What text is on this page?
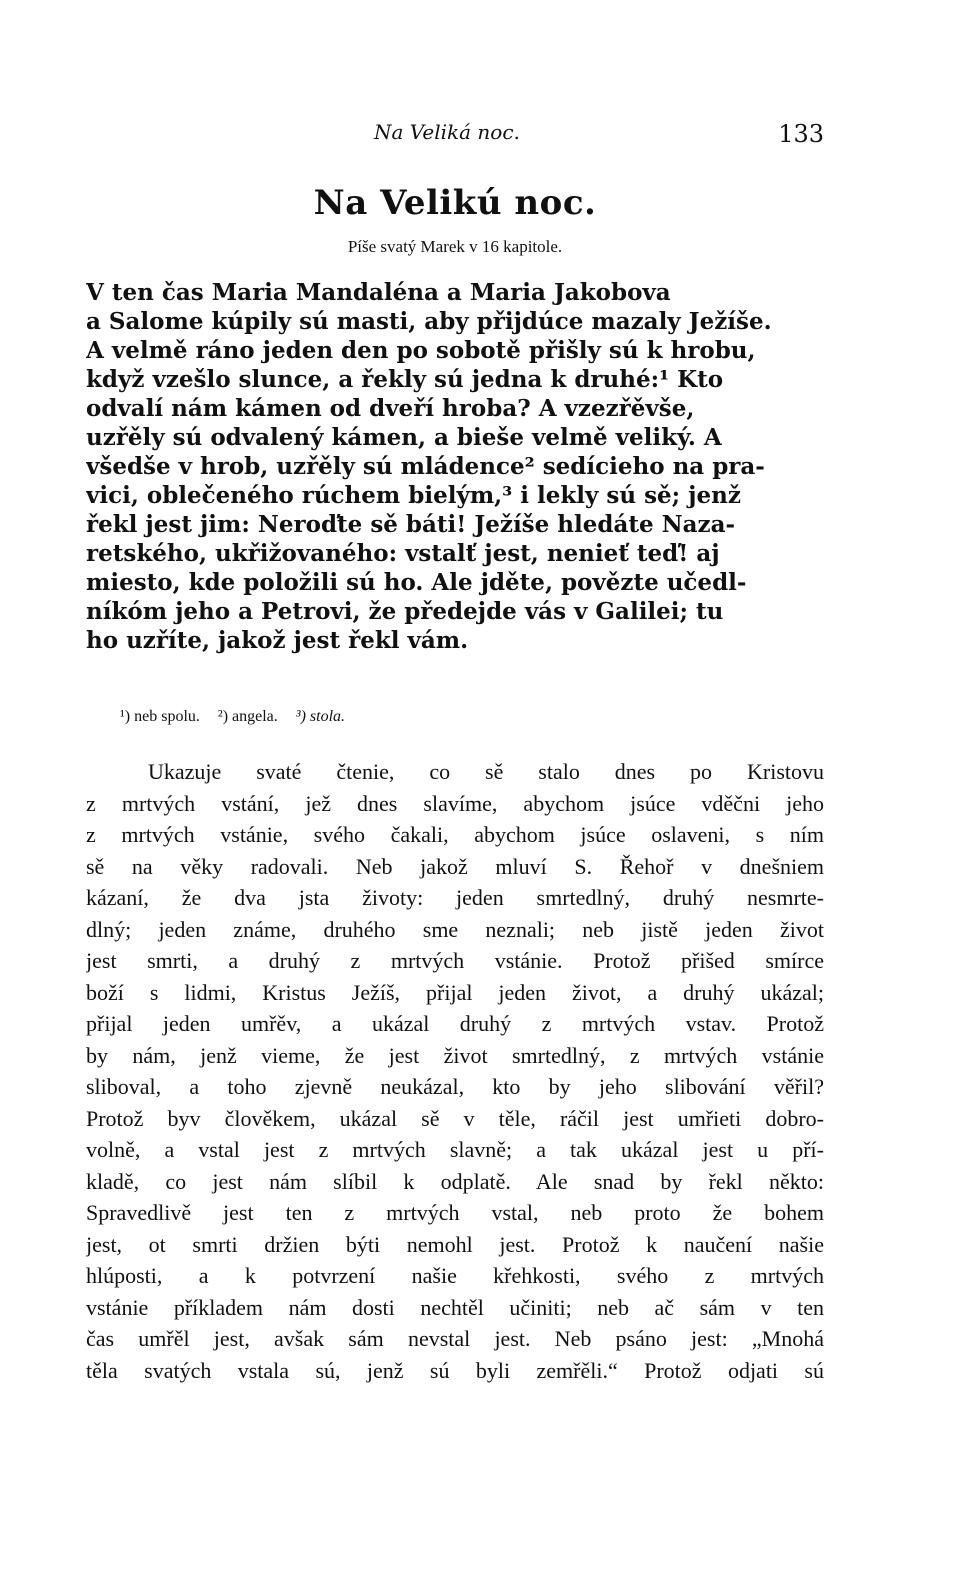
Na Veliká noc.	133
Na Velikú noc.
Píše svatý Marek v 16 kapitole.
V ten čas Maria Mandaléna a Maria Jakobova
a Salome kúpily sú masti, aby přijdúce mazaly Ježíše.
A velmě ráno jeden den po sobotě přišly sú k hrobu,
když vzešlo slunce, a řekly sú jedna k druhé:¹ Kto
odvalí nám kámen od dveří hroba? A vzezřěvše,
uzřěly sú odvalený kámen, a bieše velmě veliký. A
všedše v hrob, uzřěly sú mládence² sedícieho na pra-
vici, oblečeného rúchem bielým,³ i lekly sú sě; jenž
řekl jest jim: Neroďte sě báti! Ježíše hledáte Naza-
retského, ukřižovaného: vstalť jest, nenieť teď! aj
miesto, kde položili sú ho. Ale jděte, povězte učedl-
níkóm jeho a Petrovi, že předejde vás v Galilei; tu
ho uzříte, jakož jest řekl vám.
¹) neb spolu. ²) angela. ³) stola.
Ukazuje svaté čtenie, co sě stalo dnes po Kristovu
z mrtvých vstání, jež dnes slavíme, abychom jsúce vděčni jeho
z mrtvých vstánie, svého čakali, abychom jsúce oslaveni, s ním
sě na věky radovali. Neb jakož mluví S. Řehoř v dnešniem
kázaní, že dva jsta životy: jeden smrtedlný, druhý nesmrte-
dlný; jeden známe, druhého sme neznali; neb jistě jeden život
jest smrti, a druhý z mrtvých vstánie. Protož přišed smírce
boží s lidmi, Kristus Ježíš, přijal jeden život, a druhý ukázal;
přijal jeden umřěv, a ukázal druhý z mrtvých vstav. Protož
by nám, jenž vieme, že jest život smrtedlný, z mrtvých vstánie
sliboval, a toho zjevně neukázal, kto by jeho slibování věřil?
Protož byv člověkem, ukázal sě v těle, ráčil jest umřieti dobro-
volně, a vstal jest z mrtvých slavně; a tak ukázal jest u pří-
kladě, co jest nám slíbil k odplatě. Ale snad by řekl někto:
Spravedlivě jest ten z mrtvých vstal, neb proto že bohem
jest, ot smrti držien býti nemohl jest. Protož k naučení našie
hlúposti, a k potvrzení našie křehkosti, svého z mrtvých
vstánie příkladem nám dosti nechtěl učiniti; neb ač sám v ten
čas umřěl jest, avšak sám nevstal jest. Neb psáno jest: „Mnohá
těla svatých vstala sú, jenž sú byli zemřěli.“ Protož odjati sú
